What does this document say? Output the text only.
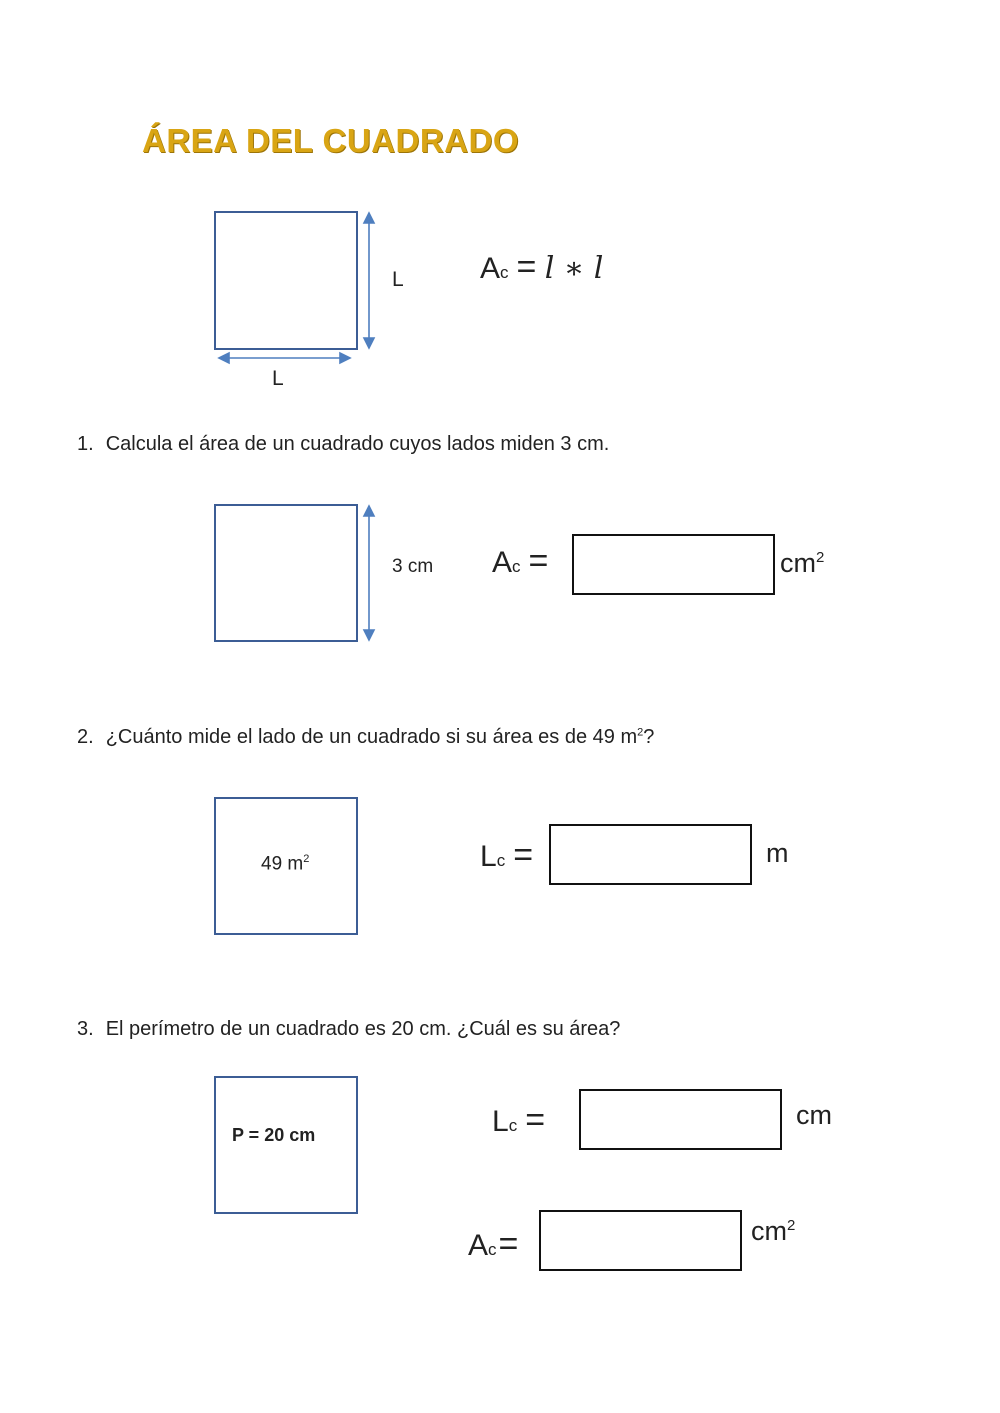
ÁREA DEL CUADRADO
L
L
Ac = l ∗ l
1. Calcula el área de un cuadrado cuyos lados miden 3 cm.
3 cm Ac =	$cm^2$
2. ¿Cuánto mide el lado de un cuadrado si su área es de 49 $m^2$?
49 $m^2$	Lc =	m
3. El perímetro de un cuadrado es 20 cm. ¿Cuál es su área?
P = 20 cm	Lc =	cm
Ac=	$cm^2$
